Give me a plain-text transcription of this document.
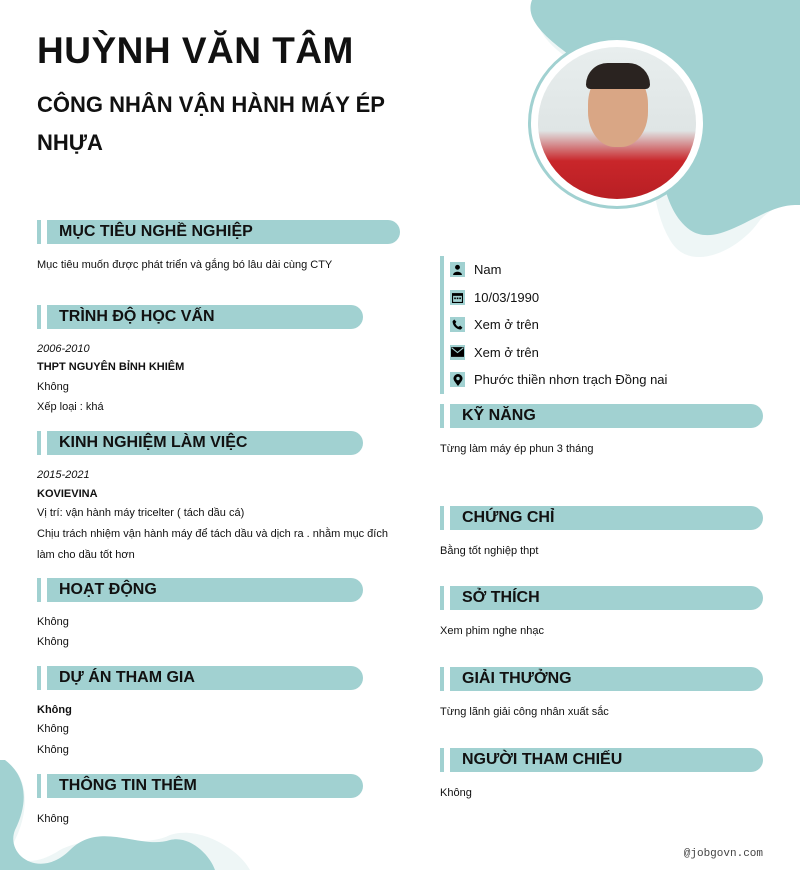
HUỲNH VĂN TÂM
CÔNG NHÂN VẬN HÀNH MÁY ÉP NHỰA
MỤC TIÊU NGHỀ NGHIỆP
Mục tiêu muốn được phát triển và gắng bó lâu dài cùng CTY
TRÌNH ĐỘ HỌC VẤN
2006-2010
THPT NGUYÊN BỈNH KHIÊM
Không
Xếp loại : khá
KINH NGHIỆM LÀM VIỆC
2015-2021
KOVIEVINA
Vị trí: vận hành máy tricelter ( tách dầu cá)
Chịu trách nhiệm vận hành máy để tách dầu và dịch ra . nhằm mục đích
làm cho dầu tốt hơn
HOẠT ĐỘNG
Không
Không
DỰ ÁN THAM GIA
Không
Không
Không
THÔNG TIN THÊM
Không
Nam
10/03/1990
Xem ở trên
Xem ở trên
Phước thiền nhơn trạch Đồng nai
KỸ NĂNG
Từng làm máy ép phun 3 tháng
CHỨNG CHỈ
Bằng tốt nghiệp thpt
SỞ THÍCH
Xem phim nghe nhạc
GIẢI THƯỞNG
Từng lãnh giải công nhân xuất sắc
NGƯỜI THAM CHIẾU
Không
@jobgovn.com
